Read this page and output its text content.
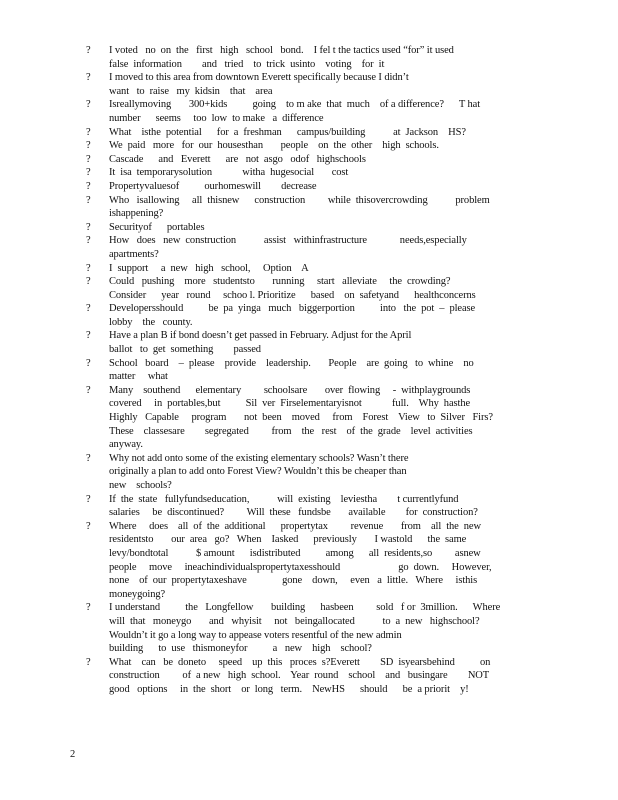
?	I voted   no  on  the   first   high   school   bond.    I fel t the tactics used “for” it used
false  information        and   tried    to  trick  usinto    voting    for  it
?	I moved to this area from downtown Everett specifically because I didn’t
want   to  raise   my  kidsin    that    area
?	Isreallymoving       300+kids          going    to m ake  that  much    of a difference?      T hat
number      seems     too  low  to make   a  difference
?	What    isthe  potential      for  a  freshman      campus/building           at  Jackson    HS?
?	We  paid   more   for  our  housesthan       people    on  the  other    high  schools.
?	Cascade      and   Everett      are   not  asgo   odof   highschools
?	It  isa  temporarysolution            witha  hugesocial       cost
?	Propertyvaluesof          ourhomeswill        decrease
?	Who   isallowing     all  thisnew      construction         while  thisovercrowding           problem
ishappening?
?	Securityof      portables
?	How   does   new  construction           assist   withinfrastructure             needs,especially
apartments?
?	I  support     a  new   high   school,     Option    A
?	Could   pushing    more   studentsto       running     start   alleviate     the  crowding?
Consider      year   round     schoo l. Prioritize      based    on  safetyand      healthconcerns
?	Developersshould          be  pa  yinga   much   biggerportion          into   the  pot  –  please
lobby    the   county.
?	Have a plan B if bond doesn’t get passed in February. Adjust for the April
ballot   to  get  something        passed
?	School   board    –  please    provide    leadership.       People    are  going   to  whine    no
matter     what
?	Many    southend      elementary         schoolsare       over  flowing     -  withplaygrounds
covered     in  portables,but          Sil  ver  Firselementaryisnot            full.    Why  hasthe
Highly   Capable     program       not  been    moved     from    Forest    View   to  Silver   Firs?
These    classesare        segregated         from    the   rest    of  the  grade    level  activities
anyway.
?	Why not add onto some of the existing elementary schools? Wasn’t there
originally a plan to add onto Forest View? Wouldn’t this be cheaper than
new    schools?
?	If  the  state   fullyfundseducation,           will  existing    leviestha        t currentlyfund
salaries     be  discontinued?         Will  these   fundsbe       available        for  construction?
?	Where     does    all  of  the  additional      propertytax         revenue       from    all  the  new
residentsto       our  area   go?   When    Iasked      previously       I wastold      the  same
levy/bondtotal           $ amount      isdistributed          among      all  residents,so         asnew
people     move     ineachindividualspropertytaxesshould                       go  down.     However,
none    of  our  propertytaxeshave              gone    down,     even   a  little.   Where     isthis
moneygoing?
?	I understand          the   Longfellow       building      hasbeen         sold   f or  3million.      Where
will  that   moneygo       and   whyisit     not   beingallocated           to  a  new   highschool?
Wouldn’t it go a long way to appease voters resentful of the new admin
building      to  use   thismoneyfor          a   new    high    school?
?	What    can   be  doneto     speed    up  this   proces  s?Everett        SD  isyearsbehind          on
construction         of  a new   high  school.    Year  round    school    and   busingare        NOT
good   options     in  the  short    or  long   term.    NewHS      should      be  a priorit    y!
2
